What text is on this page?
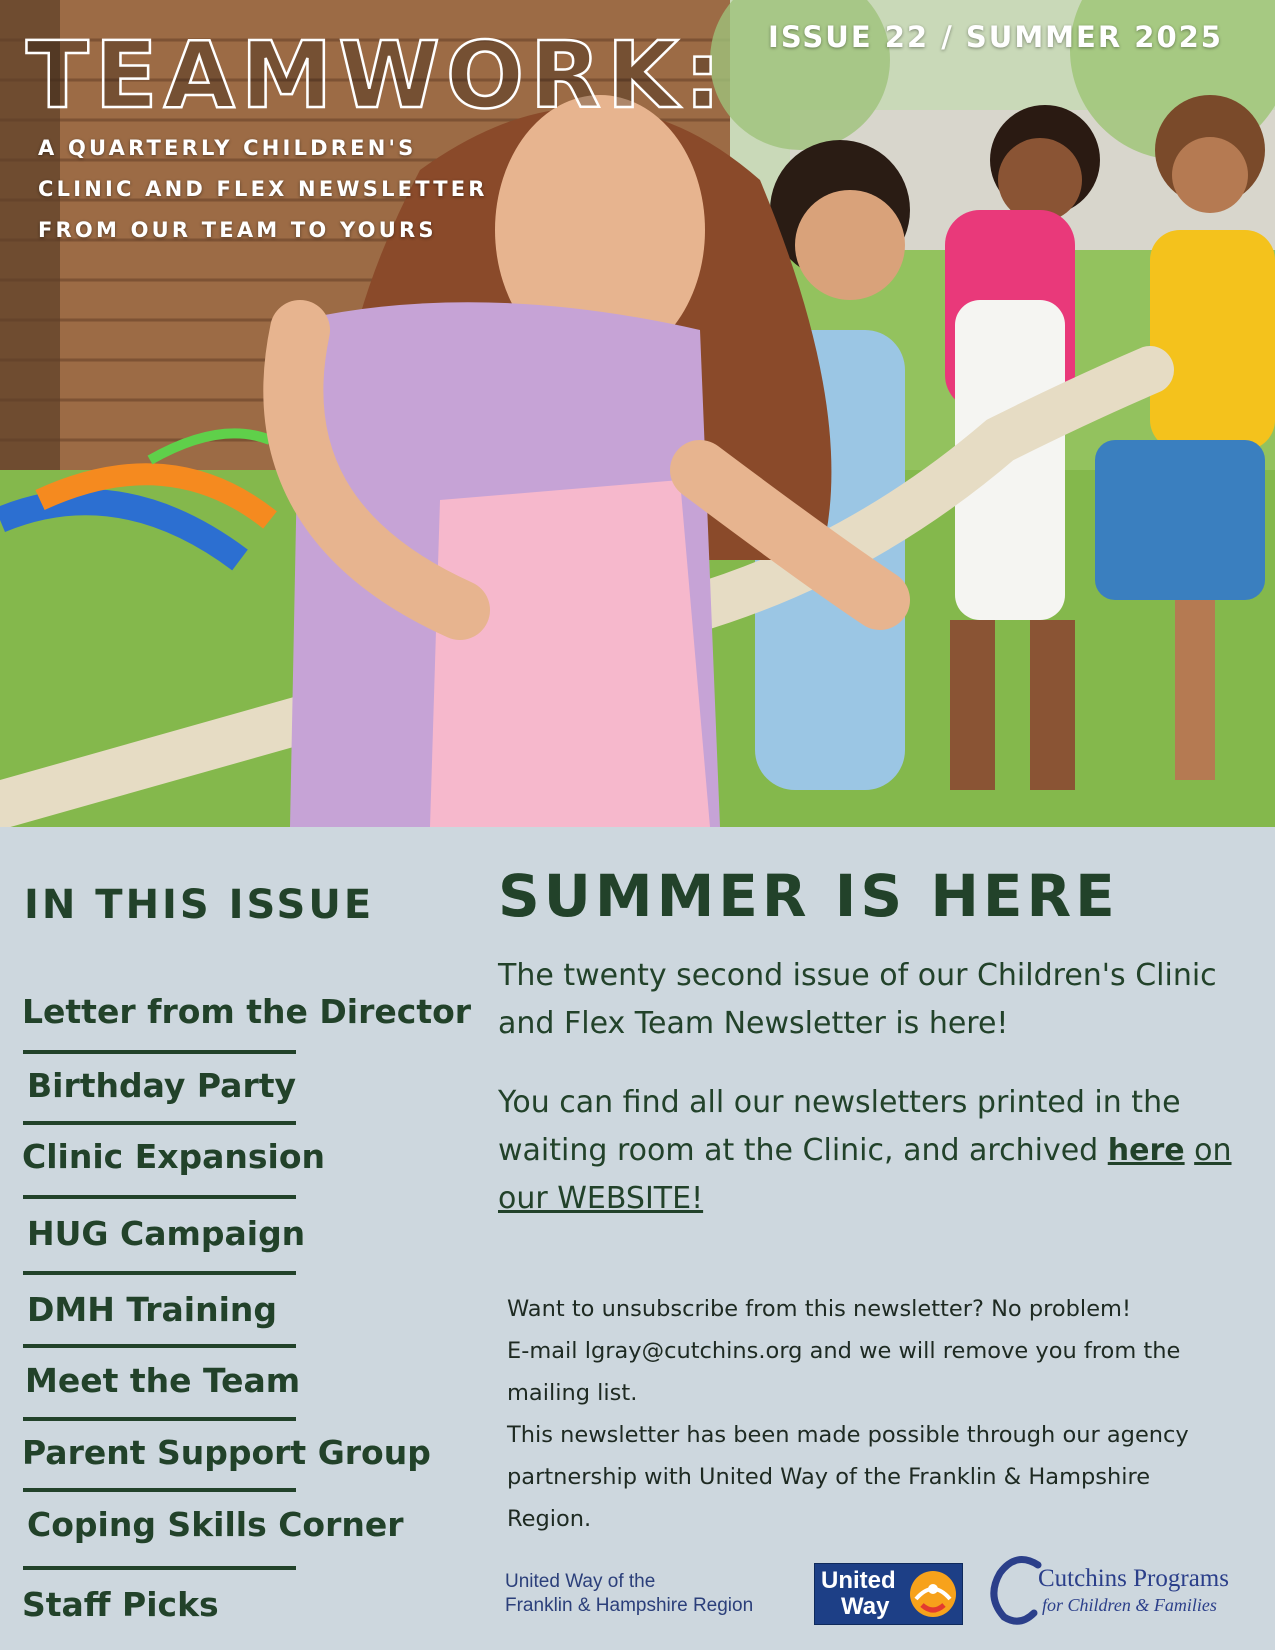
TEAMWORK:
A QUARTERLY CHILDREN'S
CLINIC AND FLEX NEWSLETTER
FROM OUR TEAM TO YOURS
ISSUE 22 / SUMMER 2025
IN THIS ISSUE
Letter from the Director
Birthday Party
Clinic Expansion
HUG Campaign
DMH Training
Meet the Team
Parent Support Group
Coping Skills Corner
Staff Picks
SUMMER IS HERE
The twenty second issue of our Children's Clinic and Flex Team Newsletter is here!
You can find all our newsletters printed in the waiting room at the Clinic, and archived here on our WEBSITE!
Want to unsubscribe from this newsletter? No problem!
E-mail lgray@cutchins.org and we will remove you from the
mailing list.
This newsletter has been made possible through our agency
partnership with United Way of the Franklin & Hampshire
Region.
United Way of the
Franklin & Hampshire Region
United
Way
Cutchins Programs
for Children & Families
